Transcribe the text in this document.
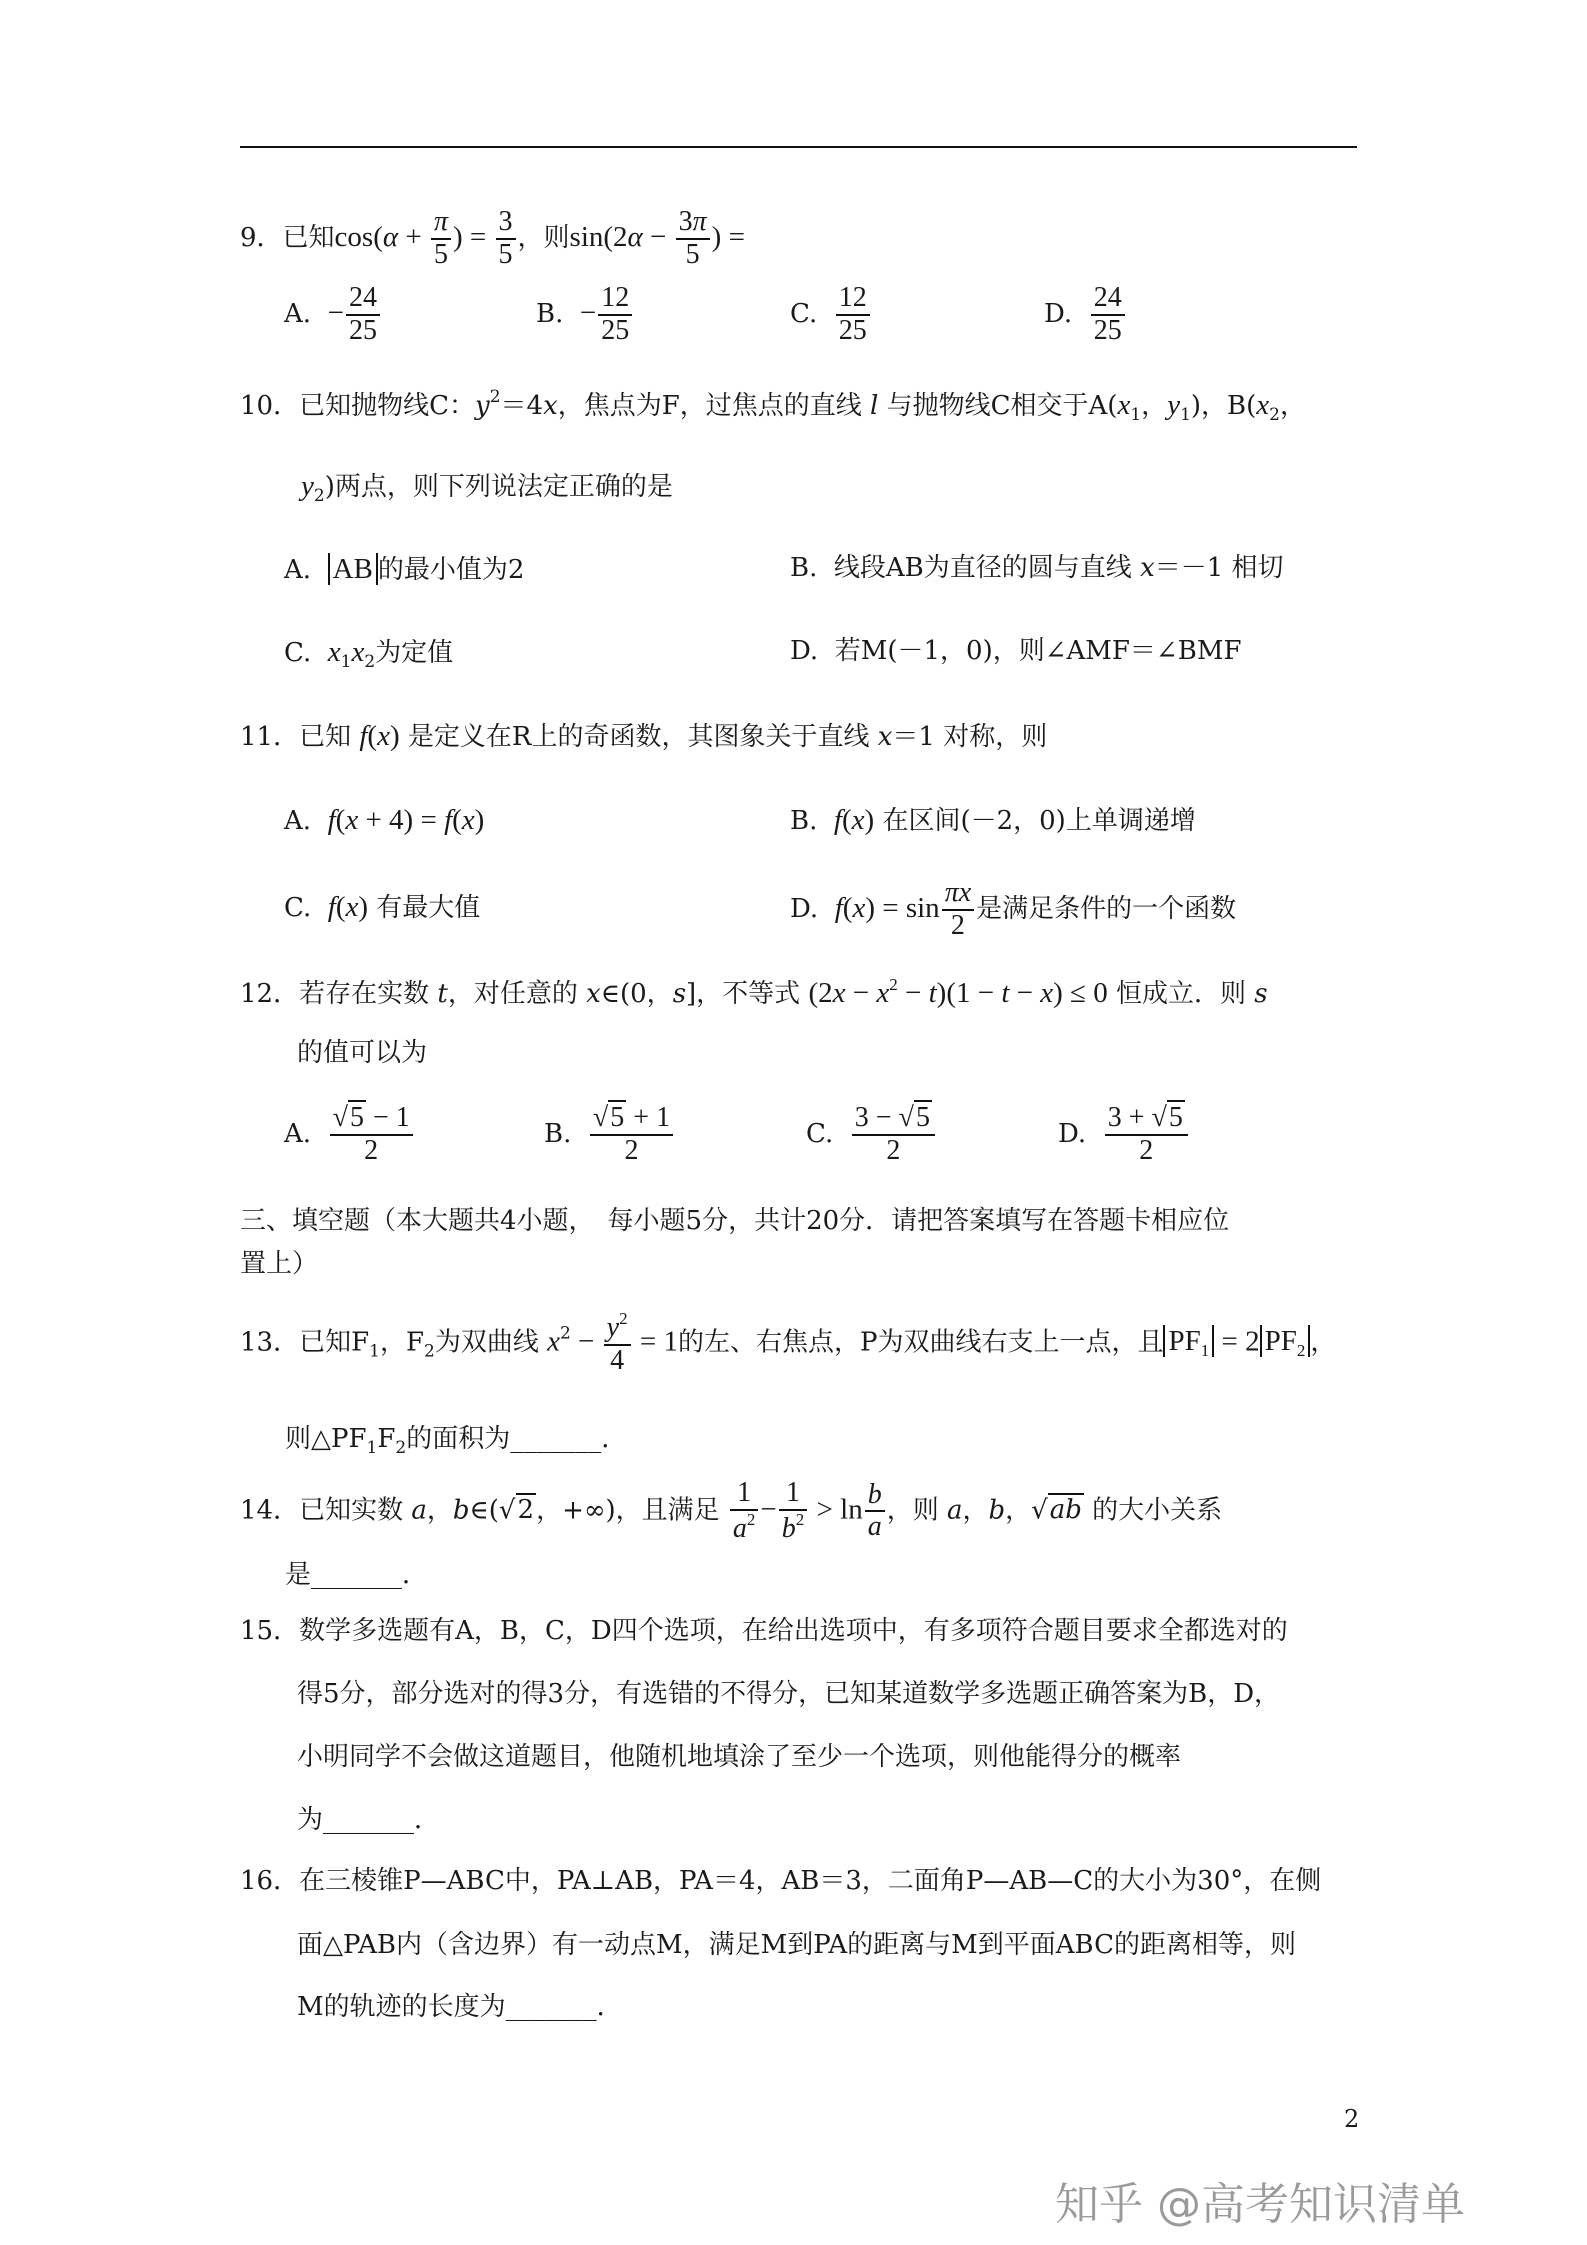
9．已知$\cos(\alpha + \frac{\pi}{5}$ ) = $\frac{3}{5}$ ，则$\sin(2\alpha - \frac{3\pi}{5}$ ) =
A.  − $\frac{24}{25}$	B.  − $\frac{12}{25}$	C. $\frac{12}{25}$	D. $\frac{24}{25}$
10．已知抛物线C：$y^2=4x$，焦点为F，过焦点的直线 l 与抛物线C相交于$A(x_1$，$y_1$)，$B(x_2$，
$y_2$)两点，则下列说法定正确的是
A.  AB 的最小值为2	B.  线段AB为直径的圆与直线 x＝－1 相切
C.  $x_1x_2$为定值	D.  若M(－1，0)，则∠AMF＝∠BMF
11．已知 f(x) 是定义在R上的奇函数，其图象关于直线 x＝1 对称，则
A.  f(x + 4) = f(x)	B.  f(x) 在区间(－2，0)上单调递增
C.  f(x) 有最大值	D.  $f(x) = \sin \frac{\pi x}{2}$ 是满足条件的一个函数
12．若存在实数 t，对任意的 x∈(0，s]，不等式 $(2x - x^2 - t)(1 - t - x) \le 0$ 恒成立．则 s
的值可以为
A. $\frac{√5 - 1}{2}$	B. $\frac{√5 + 1}{2}$	C. $\frac{3 - √5}{2}$	D. $\frac{3 + √5}{2}$
三、填空题（本大题共4小题，　每小题5分，共计20分．请把答案填写在答题卡相应位
置上）
13．已知$F_1$，$F_2$为双曲线 $x^2 - \frac{y^2}{4} = 1$的左、右焦点，P为双曲线右支上一点，且 $PF_1 = 2$ $PF_2$ ，
则$\triangle PF_1F_2$的面积为_______．
14．已知实数 a，b∈(√2，+∞)，且满足 $\frac{1}{a^2} - \frac{1}{b^2} > \ln \frac{b}{a}$ ，则 a，b，√ab 的大小关系
是_______．
15．数学多选题有A，B，C，D四个选项，在给出选项中，有多项符合题目要求全都选对的
得5分，部分选对的得3分，有选错的不得分，已知某道数学多选题正确答案为B，D，
小明同学不会做这道题目，他随机地填涂了至少一个选项，则他能得分的概率
为_______．
16．在三棱锥P—ABC中，PA⊥AB，PA＝4，AB＝3，二面角P—AB—C的大小为30°，在侧
面△PAB内（含边界）有一动点M，满足M到PA的距离与M到平面ABC的距离相等，则
M的轨迹的长度为_______．
2
知乎 @高考知识清单
